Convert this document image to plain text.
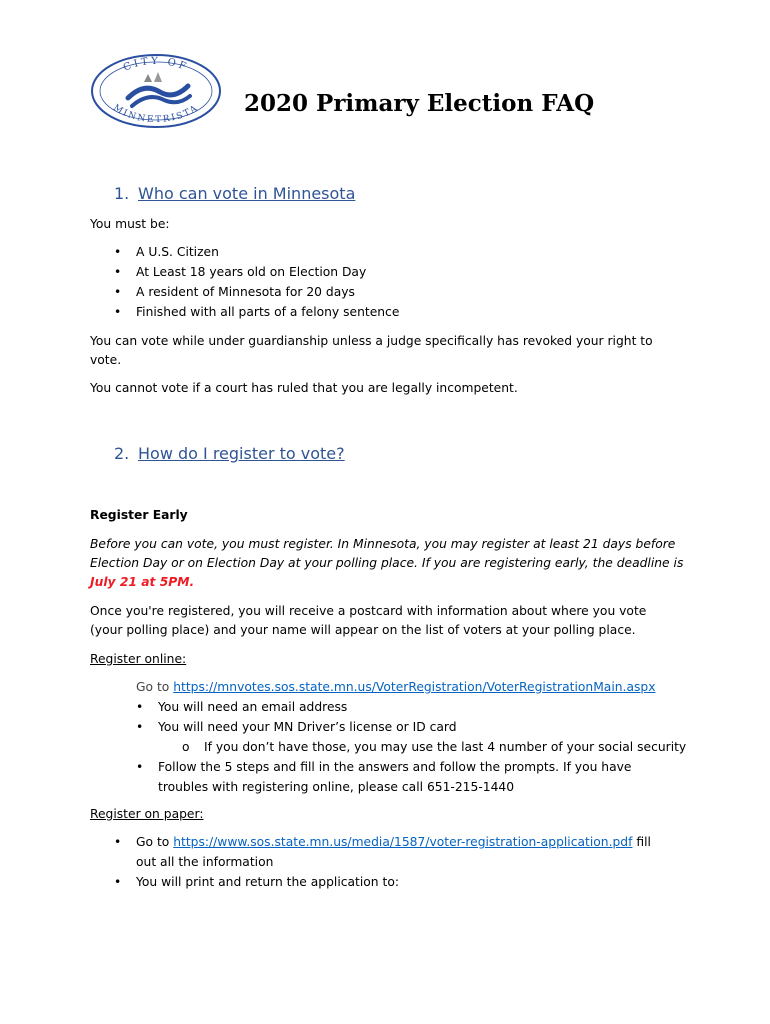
CITY OF
MINNETRISTA 2020 Primary Election FAQ
1. Who can vote in Minnesota
You must be:
• A U.S. Citizen
• At Least 18 years old on Election Day
• A resident of Minnesota for 20 days
• Finished with all parts of a felony sentence
You can vote while under guardianship unless a judge specifically has revoked your right to
vote.
You cannot vote if a court has ruled that you are legally incompetent.
2. How do I register to vote?
Register Early
Before you can vote, you must register. In Minnesota, you may register at least 21 days before
Election Day or on Election Day at your polling place. If you are registering early, the deadline is
July 21 at 5PM.
Once you're registered, you will receive a postcard with information about where you vote
(your polling place) and your name will appear on the list of voters at your polling place.
Register online:
Go to https://mnvotes.sos.state.mn.us/VoterRegistration/VoterRegistrationMain.aspx
• You will need an email address
• You will need your MN Driver’s license or ID card
o If you don’t have those, you may use the last 4 number of your social security
• Follow the 5 steps and fill in the answers and follow the prompts. If you have
troubles with registering online, please call 651-215-1440
Register on paper:
• Go to https://www.sos.state.mn.us/media/1587/voter-registration-application.pdf fill
out all the information
• You will print and return the application to:
